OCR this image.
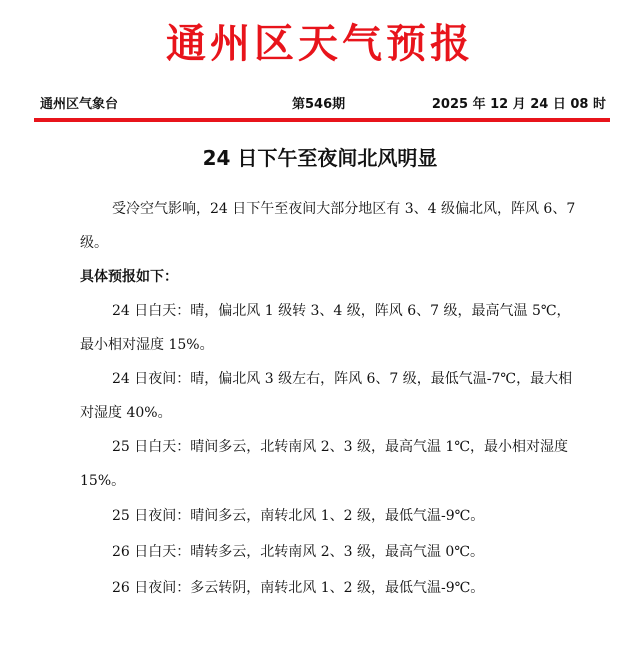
通州区天气预报
通州区气象台	第546期	2025 年 12 月 24 日 08 时
24 日下午至夜间北风明显

受冷空气影响，24 日下午至夜间大部分地区有 3、4 级偏北风，阵风 6、7 级。

具体预报如下：

24 日白天：晴，偏北风 1 级转 3、4 级，阵风 6、7 级，最高气温 5℃，最小相对湿度 15%。

24 日夜间：晴，偏北风 3 级左右，阵风 6、7 级，最低气温-7℃，最大相对湿度 40%。

25 日白天：晴间多云，北转南风 2、3 级，最高气温 1℃，最小相对湿度 15%。

25 日夜间：晴间多云，南转北风 1、2 级，最低气温-9℃。

26 日白天：晴转多云，北转南风 2、3 级，最高气温 0℃。

26 日夜间：多云转阴，南转北风 1、2 级，最低气温-9℃。
